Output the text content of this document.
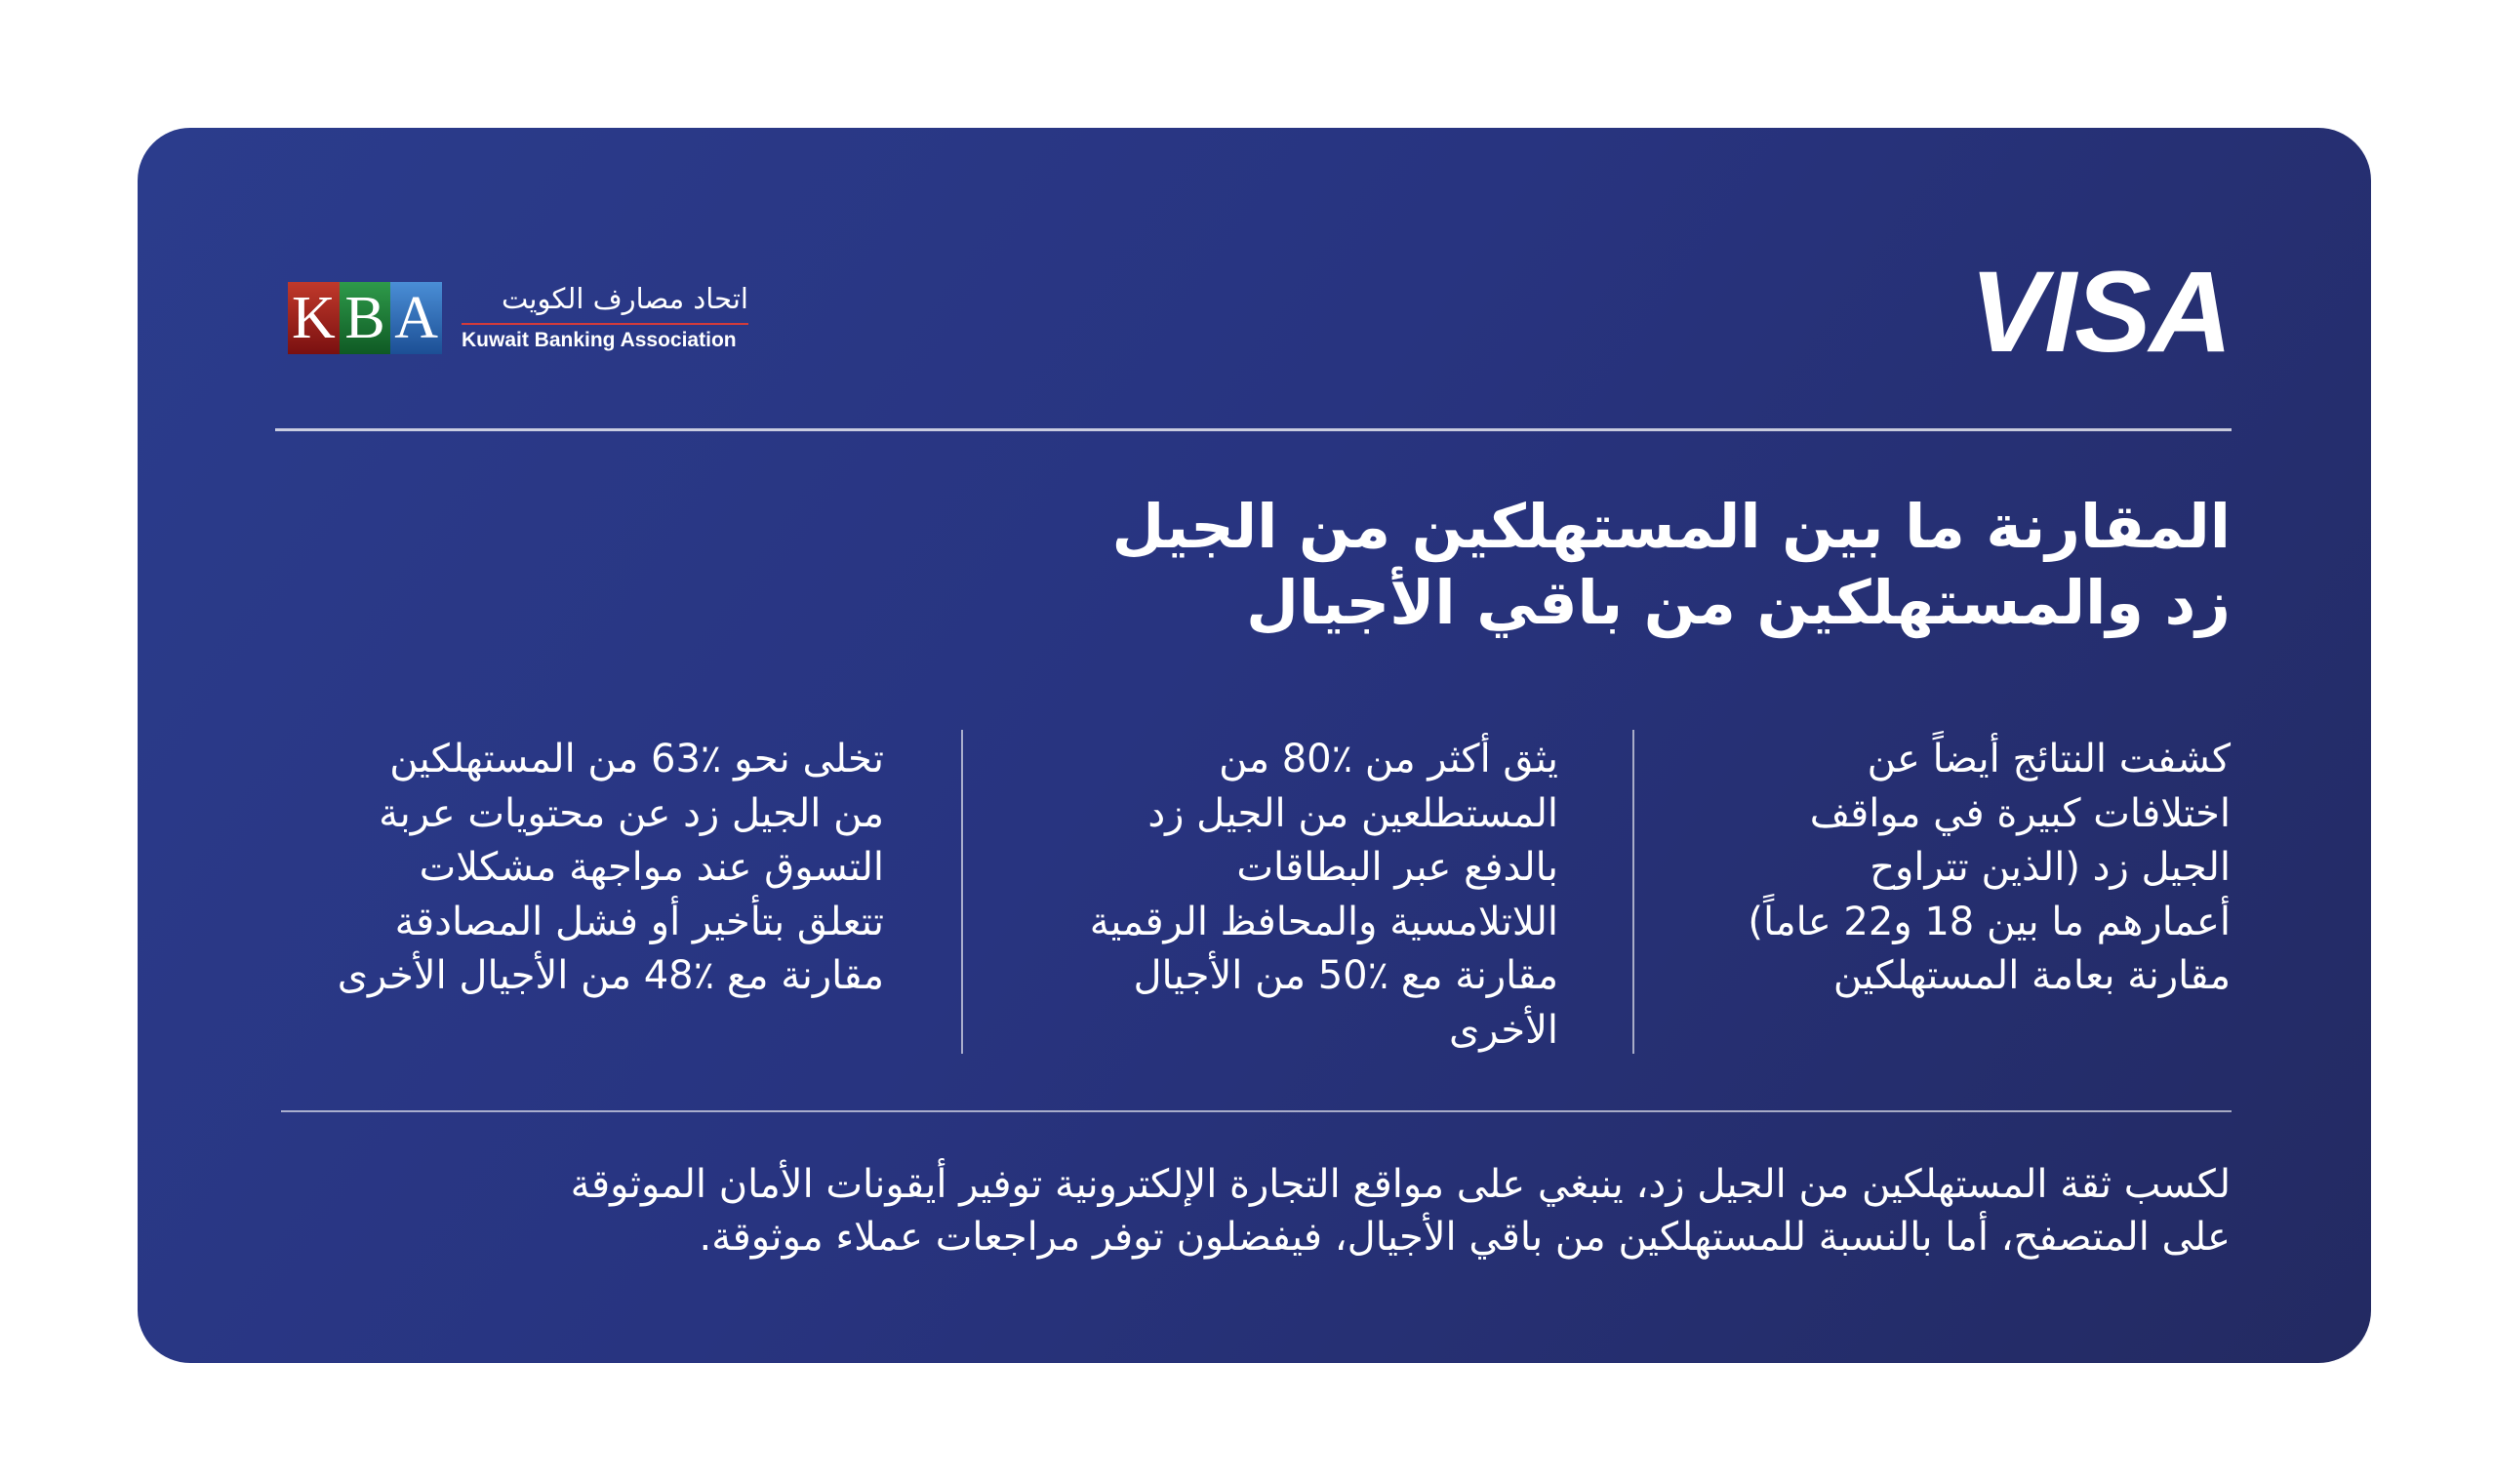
VISA
K B A	اتحاد مصارف الكويت
Kuwait Banking Association
المقارنة ما بين المستهلكين من الجيل
زد والمستهلكين من باقي الأجيال

كشفت النتائج أيضاً عن
اختلافات كبيرة في مواقف
الجيل زد (الذين تتراوح
أعمارهم ما بين 18 و22 عاماً)
مقارنة بعامة المستهلكين

يثق أكثر من ٪80 من
المستطلعين من الجيل زد
بالدفع عبر البطاقات
اللاتلامسية والمحافظ الرقمية
مقارنة مع ٪50 من الأجيال
الأخرى

تخلى نحو ٪63 من المستهلكين
من الجيل زد عن محتويات عربة
التسوق عند مواجهة مشكلات
تتعلق بتأخير أو فشل المصادقة
مقارنة مع ٪48 من الأجيال الأخرى

لكسب ثقة المستهلكين من الجيل زد، ينبغي على مواقع التجارة الإلكترونية توفير أيقونات الأمان الموثوقة
على المتصفح، أما بالنسبة للمستهلكين من باقي الأجيال، فيفضلون توفر مراجعات عملاء موثوقة.
